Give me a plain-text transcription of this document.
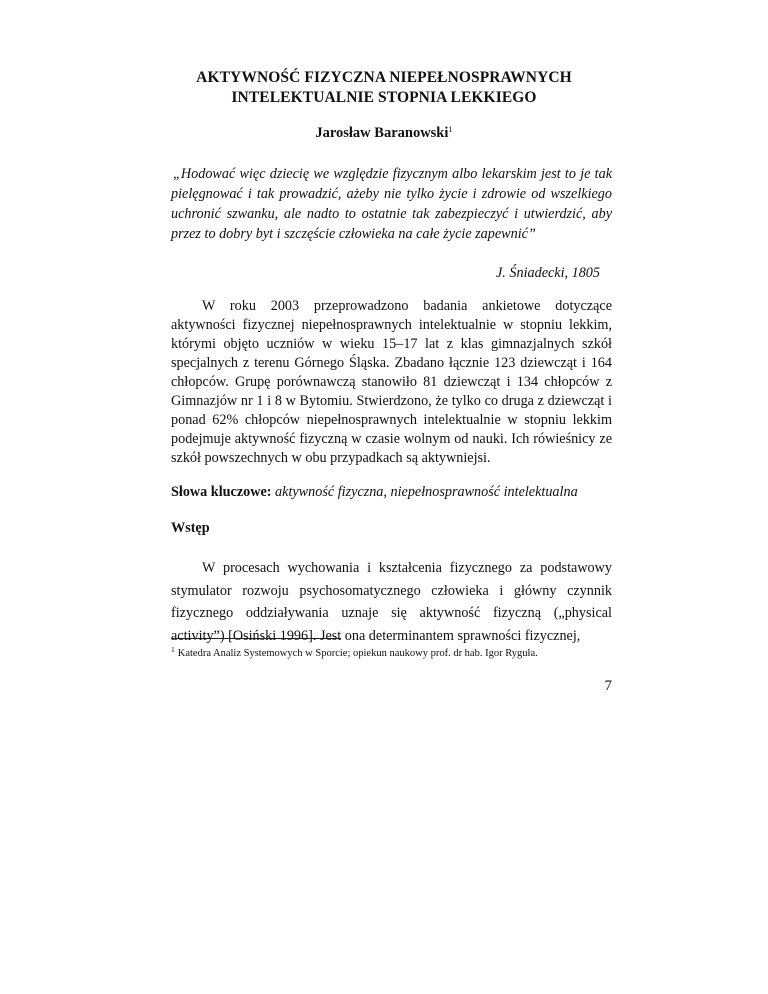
AKTYWNOŚĆ FIZYCZNA NIEPEŁNOSPRAWNYCH
INTELEKTUALNIE STOPNIA LEKKIEGO
Jarosław Baranowski$^1$
„Hodować więc dziecię we względzie fizycznym albo lekarskim jest to je tak pielęgnować i tak prowadzić, ażeby nie tylko życie i zdrowie od wszelkiego uchronić szwanku, ale nadto to ostatnie tak zabezpieczyć i utwierdzić, aby przez to dobry byt i szczęście człowieka na całe życie zapewnić”
J. Śniadecki, 1805
W roku 2003 przeprowadzono badania ankietowe dotyczące aktywności fizycznej niepełnosprawnych intelektualnie w stopniu lekkim, którymi objęto uczniów w wieku 15–17 lat z klas gimnazjalnych szkół specjalnych z terenu Górnego Śląska. Zbadano łącznie 123 dziewcząt i 164 chłopców. Grupę porównawczą stanowiło 81 dziewcząt i 134 chłopców z Gimnazjów nr 1 i 8 w Bytomiu. Stwierdzono, że tylko co druga z dziewcząt i ponad 62% chłopców niepełnosprawnych intelektualnie w stopniu lekkim podejmuje aktywność fizyczną w czasie wolnym od nauki. Ich rówieśnicy ze szkół powszechnych w obu przypadkach są aktywniejsi.
Słowa kluczowe: aktywność fizyczna, niepełnosprawność intelektualna
Wstęp
W procesach wychowania i kształcenia fizycznego za podstawowy stymulator rozwoju psychosomatycznego człowieka i główny czynnik fizycznego oddziaływania uznaje się aktywność fizyczną („physical activity”) [Osiński 1996]. Jest ona determinantem sprawności fizycznej,
$^1$ Katedra Analiz Systemowych w Sporcie; opiekun naukowy prof. dr hab. Igor Ryguła.
7
